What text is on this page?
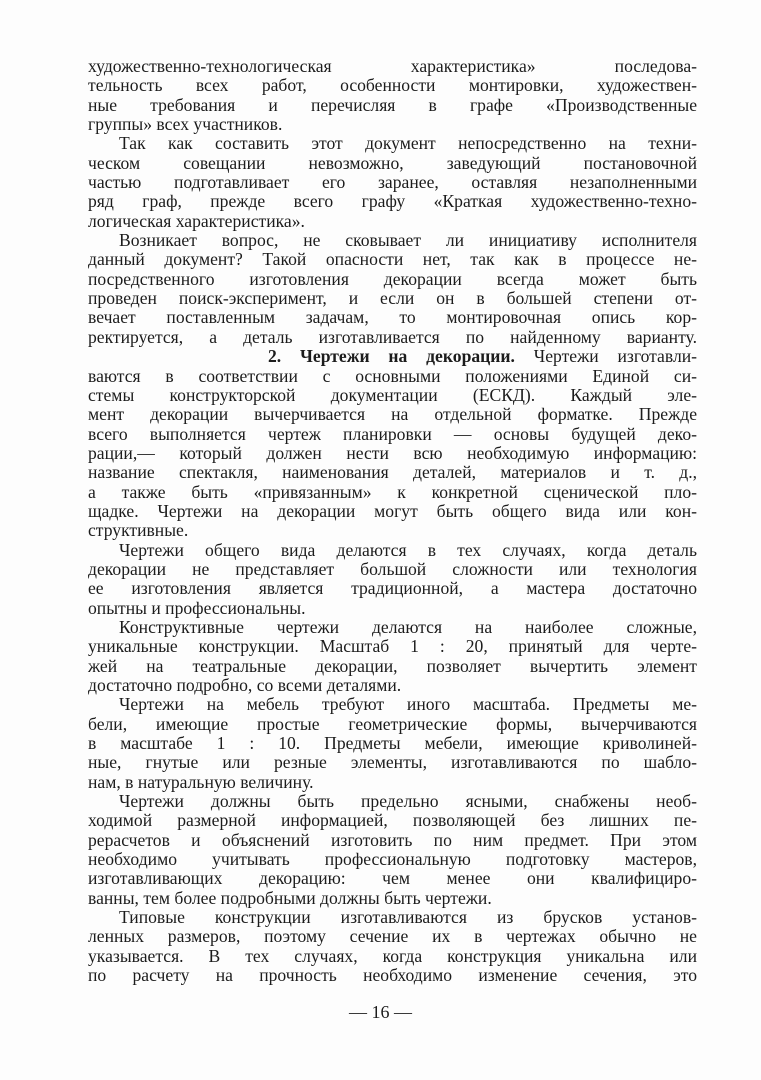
художественно-технологическая характеристика» последова-
тельность всех работ, особенности монтировки, художествен-
ные требования и перечисляя в графе «Производственные
группы» всех участников.
Так как составить этот документ непосредственно на техни-
ческом совещании невозможно, заведующий постановочной
частью подготавливает его заранее, оставляя незаполненными
ряд граф, прежде всего графу «Краткая художественно-техно-
логическая характеристика».
Возникает вопрос, не сковывает ли инициативу исполнителя
данный документ? Такой опасности нет, так как в процессе не-
посредственного изготовления декорации всегда может быть
проведен поиск-эксперимент, и если он в большей степени от-
вечает поставленным задачам, то монтировочная опись кор-
ректируется, а деталь изготавливается по найденному варианту.
2. Чертежи на декорации. Чертежи изготавли-
ваются в соответствии с основными положениями Единой си-
стемы конструкторской документации (ЕСКД). Каждый эле-
мент декорации вычерчивается на отдельной форматке. Прежде
всего выполняется чертеж планировки — основы будущей деко-
рации,— который должен нести всю необходимую информацию:
название спектакля, наименования деталей, материалов и т. д.,
а также быть «привязанным» к конкретной сценической пло-
щадке. Чертежи на декорации могут быть общего вида или кон-
структивные.
Чертежи общего вида делаются в тех случаях, когда деталь
декорации не представляет большой сложности или технология
ее изготовления является традиционной, а мастера достаточно
опытны и профессиональны.
Конструктивные чертежи делаются на наиболее сложные,
уникальные конструкции. Масштаб 1 : 20, принятый для черте-
жей на театральные декорации, позволяет вычертить элемент
достаточно подробно, со всеми деталями.
Чертежи на мебель требуют иного масштаба. Предметы ме-
бели, имеющие простые геометрические формы, вычерчиваются
в масштабе 1 : 10. Предметы мебели, имеющие криволиней-
ные, гнутые или резные элементы, изготавливаются по шабло-
нам, в натуральную величину.
Чертежи должны быть предельно ясными, снабжены необ-
ходимой размерной информацией, позволяющей без лишних пе-
рерасчетов и объяснений изготовить по ним предмет. При этом
необходимо учитывать профессиональную подготовку мастеров,
изготавливающих декорацию: чем менее они квалифициро-
ванны, тем более подробными должны быть чертежи.
Типовые конструкции изготавливаются из брусков установ-
ленных размеров, поэтому сечение их в чертежах обычно не
указывается. В тех случаях, когда конструкция уникальна или
по расчету на прочность необходимо изменение сечения, это
— 16 —
